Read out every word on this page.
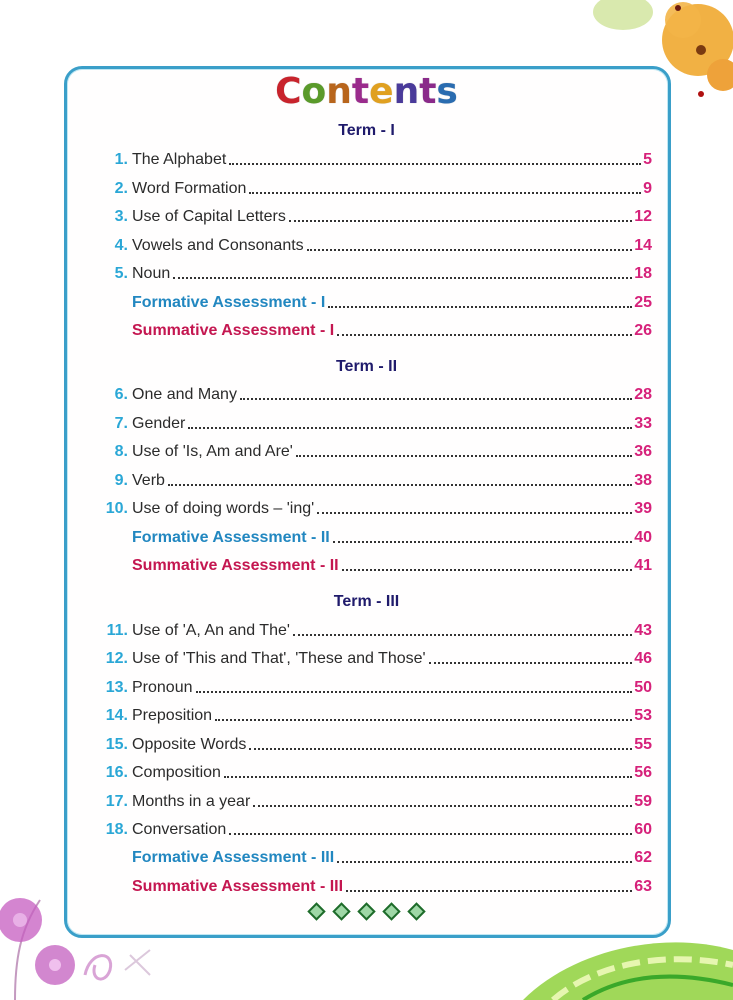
Contents
Term - I
1. The Alphabet	5
2. Word Formation	9
3. Use of Capital Letters	12
4. Vowels and Consonants	14
5. Noun	18
Formative Assessment - I	25
Summative Assessment - I	26
Term - II
6. One and Many	28
7. Gender	33
8. Use of 'Is, Am and Are'	36
9. Verb	38
10. Use of doing words – 'ing'	39
Formative Assessment - II	40
Summative Assessment - II	41
Term - III
11. Use of 'A, An and The'	43
12. Use of 'This and That', 'These and Those'	46
13. Pronoun	50
14. Preposition	53
15. Opposite Words	55
16. Composition	56
17. Months in a year	59
18. Conversation	60
Formative Assessment - III	62
Summative Assessment - III	63
